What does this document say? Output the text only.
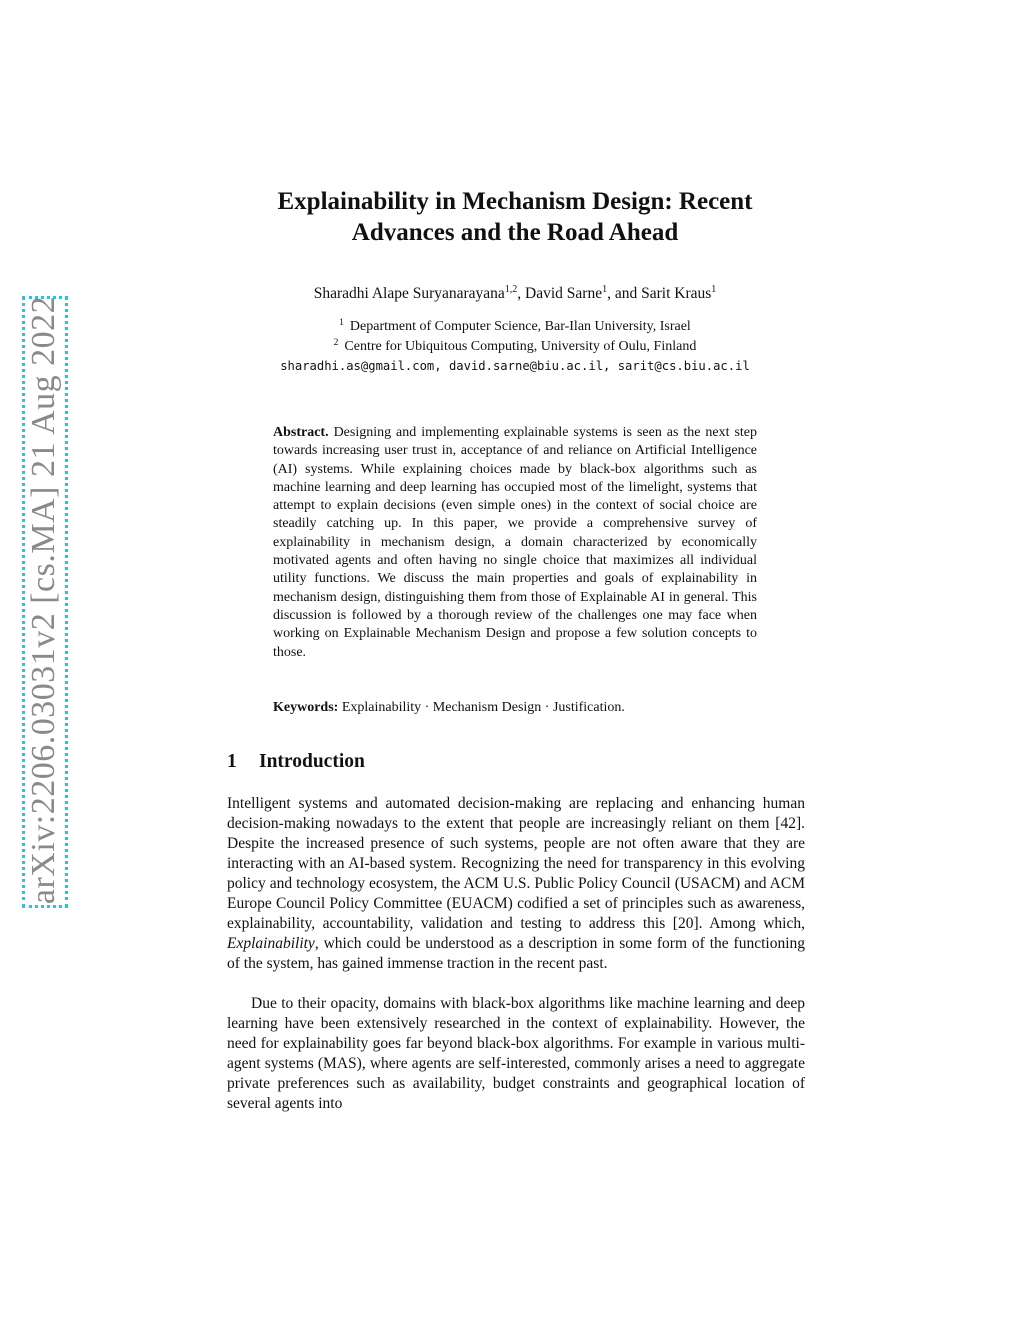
arXiv:2206.03031v2 [cs.MA] 21 Aug 2022
Explainability in Mechanism Design: Recent
Advances and the Road Ahead
Sharadhi Alape Suryanarayana$^{1,2}$, David Sarne$^1$, and Sarit Kraus$^1$
$^1$ Department of Computer Science, Bar-Ilan University, Israel
$^2$ Centre for Ubiquitous Computing, University of Oulu, Finland
sharadhi.as@gmail.com, david.sarne@biu.ac.il, sarit@cs.biu.ac.il

Abstract. Designing and implementing explainable systems is seen as the next step towards increasing user trust in, acceptance of and reliance on Artificial Intelligence (AI) systems. While explaining choices made by black-box algorithms such as machine learning and deep learning has occupied most of the limelight, systems that attempt to explain decisions (even simple ones) in the context of social choice are steadily catching up. In this paper, we provide a comprehensive survey of explainability in mechanism design, a domain characterized by economically motivated agents and often having no single choice that maximizes all individual utility functions. We discuss the main properties and goals of explainability in mechanism design, distinguishing them from those of Explainable AI in general. This discussion is followed by a thorough review of the challenges one may face when working on Explainable Mechanism Design and propose a few solution concepts to those.

Keywords: Explainability · Mechanism Design · Justification.

1 Introduction

Intelligent systems and automated decision-making are replacing and enhancing human decision-making nowadays to the extent that people are increasingly reliant on them [42]. Despite the increased presence of such systems, people are not often aware that they are interacting with an AI-based system. Recognizing the need for transparency in this evolving policy and technology ecosystem, the ACM U.S. Public Policy Council (USACM) and ACM Europe Council Policy Committee (EUACM) codified a set of principles such as awareness, explainability, accountability, validation and testing to address this [20]. Among which, Explainability, which could be understood as a description in some form of the functioning of the system, has gained immense traction in the recent past.

Due to their opacity, domains with black-box algorithms like machine learning and deep learning have been extensively researched in the context of explainability. However, the need for explainability goes far beyond black-box algorithms. For example in various multi-agent systems (MAS), where agents are self-interested, commonly arises a need to aggregate private preferences such as availability, budget constraints and geographical location of several agents into
